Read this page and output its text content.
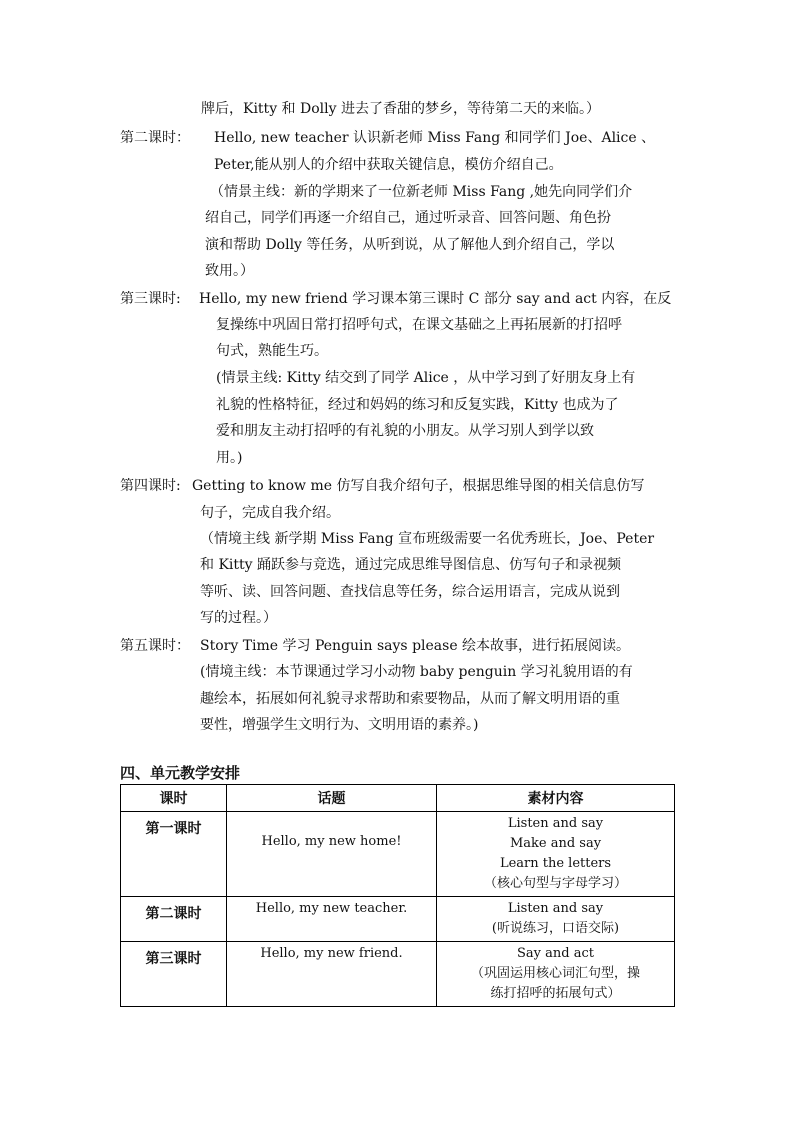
牌后，Kitty 和 Dolly 进去了香甜的梦乡，等待第二天的来临。）
第二课时： Hello, new teacher 认识新老师 Miss Fang 和同学们 Joe、Alice 、
Peter,能从别人的介绍中获取关键信息，模仿介绍自己。
（情景主线：新的学期来了一位新老师 Miss Fang ,她先向同学们介
绍自己，同学们再逐一介绍自己，通过听录音、回答问题、角色扮
演和帮助 Dolly 等任务，从听到说，从了解他人到介绍自己，学以
致用。）
第三课时: Hello, my new friend 学习课本第三课时 C 部分 say and act 内容，在反
复操练中巩固日常打招呼句式，在课文基础之上再拓展新的打招呼
句式，熟能生巧。
(情景主线: Kitty 结交到了同学 Alice ，从中学习到了好朋友身上有
礼貌的性格特征，经过和妈妈的练习和反复实践，Kitty 也成为了
爱和朋友主动打招呼的有礼貌的小朋友。从学习别人到学以致
用。)
第四课时: Getting to know me 仿写自我介绍句子，根据思维导图的相关信息仿写
句子，完成自我介绍。
（情境主线 新学期 Miss Fang 宣布班级需要一名优秀班长，Joe、Peter
和 Kitty 踊跃参与竞选，通过完成思维导图信息、仿写句子和录视频
等听、读、回答问题、查找信息等任务，综合运用语言，完成从说到
写的过程。）
第五课时： Story Time 学习 Penguin says please 绘本故事，进行拓展阅读。
(情境主线：本节课通过学习小动物 baby penguin 学习礼貌用语的有
趣绘本，拓展如何礼貌寻求帮助和索要物品，从而了解文明用语的重
要性，增强学生文明行为、文明用语的素养。)
四、单元教学安排
课时	话题	素材内容
第一课时	Hello, my new home!	Listen and say
Make and say
Learn the letters
（核心句型与字母学习）

第二课时	Hello, my new teacher.	Listen and say
(听说练习，口语交际)

第三课时	Hello, my new friend.	Say and act
（巩固运用核心词汇句型，操
练打招呼的拓展句式）
